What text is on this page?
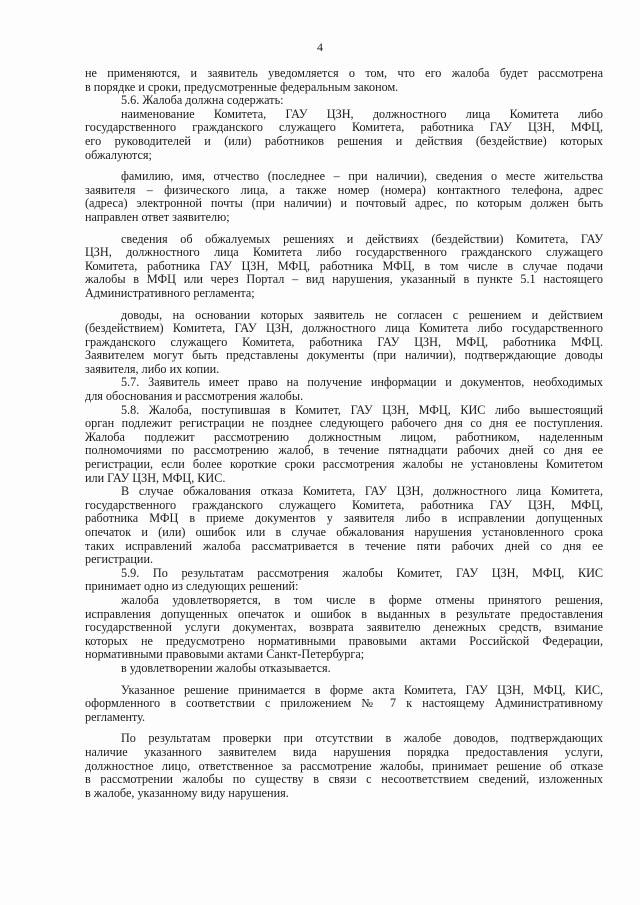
4
не применяются, и заявитель уведомляется о том, что его жалоба будет рассмотрена
в порядке и сроки, предусмотренные федеральным законом.
5.6. Жалоба должна содержать:
наименование Комитета, ГАУ ЦЗН, должностного лица Комитета либо
государственного гражданского служащего Комитета, работника ГАУ ЦЗН, МФЦ,
его руководителей и (или) работников решения и действия (бездействие) которых
обжалуются;
фамилию, имя, отчество (последнее – при наличии), сведения о месте жительства
заявителя – физического лица, а также номер (номера) контактного телефона, адрес
(адреса) электронной почты (при наличии) и почтовый адрес, по которым должен быть
направлен ответ заявителю;
сведения об обжалуемых решениях и действиях (бездействии) Комитета, ГАУ
ЦЗН, должностного лица Комитета либо государственного гражданского служащего
Комитета, работника ГАУ ЦЗН, МФЦ, работника МФЦ, в том числе в случае подачи
жалобы в МФЦ или через Портал – вид нарушения, указанный в пункте 5.1 настоящего
Административного регламента;
доводы, на основании которых заявитель не согласен с решением и действием
(бездействием) Комитета, ГАУ ЦЗН, должностного лица Комитета либо государственного
гражданского служащего Комитета, работника ГАУ ЦЗН, МФЦ, работника МФЦ.
Заявителем могут быть представлены документы (при наличии), подтверждающие доводы
заявителя, либо их копии.
5.7. Заявитель имеет право на получение информации и документов, необходимых
для обоснования и рассмотрения жалобы.
5.8. Жалоба, поступившая в Комитет, ГАУ ЦЗН, МФЦ, КИС либо вышестоящий
орган подлежит регистрации не позднее следующего рабочего дня со дня ее поступления.
Жалоба подлежит рассмотрению должностным лицом, работником, наделенным
полномочиями по рассмотрению жалоб, в течение пятнадцати рабочих дней со дня ее
регистрации, если более короткие сроки рассмотрения жалобы не установлены Комитетом
или ГАУ ЦЗН, МФЦ, КИС.
В случае обжалования отказа Комитета, ГАУ ЦЗН, должностного лица Комитета,
государственного гражданского служащего Комитета, работника ГАУ ЦЗН, МФЦ,
работника МФЦ в приеме документов у заявителя либо в исправлении допущенных
опечаток и (или) ошибок или в случае обжалования нарушения установленного срока
таких исправлений жалоба рассматривается в течение пяти рабочих дней со дня ее
регистрации.
5.9. По результатам рассмотрения жалобы Комитет, ГАУ ЦЗН, МФЦ, КИС
принимает одно из следующих решений:
жалоба удовлетворяется, в том числе в форме отмены принятого решения,
исправления допущенных опечаток и ошибок в выданных в результате предоставления
государственной услуги документах, возврата заявителю денежных средств, взимание
которых не предусмотрено нормативными правовыми актами Российской Федерации,
нормативными правовыми актами Санкт-Петербурга;
в удовлетворении жалобы отказывается.
Указанное решение принимается в форме акта Комитета, ГАУ ЦЗН, МФЦ, КИС,
оформленного в соответствии с приложением № 7 к настоящему Административному
регламенту.
По результатам проверки при отсутствии в жалобе доводов, подтверждающих
наличие указанного заявителем вида нарушения порядка предоставления услуги,
должностное лицо, ответственное за рассмотрение жалобы, принимает решение об отказе
в рассмотрении жалобы по существу в связи с несоответствием сведений, изложенных
в жалобе, указанному виду нарушения.
